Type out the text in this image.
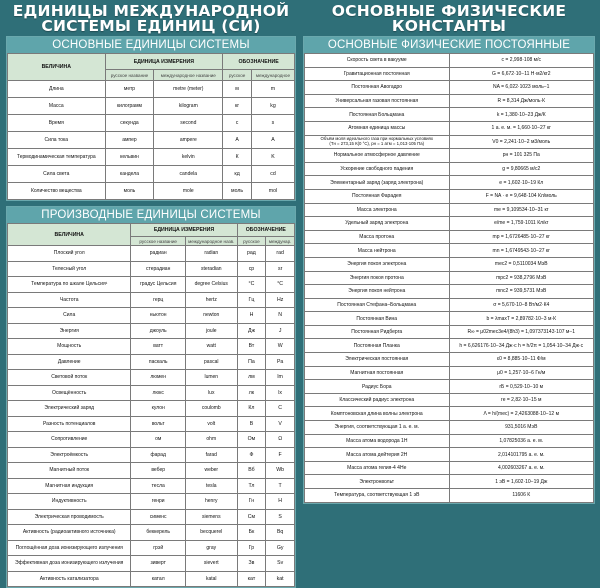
ЕДИНИЦЫ МЕЖДУНАРОДНОЙ
СИСТЕМЫ ЕДИНИЦ (СИ)
ОСНОВНЫЕ ЕДИНИЦЫ СИСТЕМЫ
ВЕЛИЧИНА	ЕДИНИЦА ИЗМЕРЕНИЯ		ОБОЗНАЧЕНИЕ	
	русское название	международное название	русское	международное
Длина	метр	metre (meter)	м	m
Масса	килограмм	kilogram	кг	kg
Время	секунда	second	с	s
Сила тока	ампер	ampere	А	A
Термодинамическая температура	кельвин	kelvin	К	K
Сила света	кандела	candela	кд	cd
Количество вещества	моль	mole	моль	mol
ПРОИЗВОДНЫЕ ЕДИНИЦЫ СИСТЕМЫ
ВЕЛИЧИНА	ЕДИНИЦА ИЗМЕРЕНИЯ		ОБОЗНАЧЕНИЕ	
	русское название	международное назв.	русское	междунар.
Плоский угол	радиан	radian	рад	rad
Телесный угол	стерадиан	steradian	ср	sr
Температура по шкале Цельсия¹	градус Цельсия	degree Celsius	°C	°C
Частота	герц	hertz	Гц	Hz
Сила	ньютон	newton	Н	N
Энергия	джоуль	joule	Дж	J
Мощность	ватт	watt	Вт	W
Давление	паскаль	pascal	Па	Pa
Световой поток	люмен	lumen	лм	lm
Освещённость	люкс	lux	лк	lx
Электрический заряд	кулон	coulomb	Кл	C
Разность потенциалов	вольт	volt	В	V
Сопротивление	ом	ohm	Ом	Ω
Электроёмкость	фарад	farad	Ф	F
Магнитный поток	вебер	weber	Вб	Wb
Магнитная индукция	тесла	tesla	Тл	T
Индуктивность	генри	henry	Гн	H
Электрическая проводимость	сименс	siemens	См	S
Активность (радиоактивного источника)	беккерель	becquerel	Бк	Bq
Поглощённая доза ионизирующего излучения	грэй	gray	Гр	Gy
Эффективная доза ионизирующего излучения	зиверт	sievert	Зв	Sv
Активность катализатора	катал	katal	кат	kat
ОСНОВНЫЕ ФИЗИЧЕСКИЕ
КОНСТАНТЫ
ОСНОВНЫЕ ФИЗИЧЕСКИЕ ПОСТОЯННЫЕ
Скорость света в вакууме	c = 2,998·108 м/с
Гравитационная постоянная	G = 6,672·10−11 Н·м2/кг2
Постоянная Авогадро	NA = 6,022·1023 моль−1
Универсальная газовая постоянная	R = 8,314 Дж/моль·К
Постоянная Больцмана	k = 1,380·10−23 Дж/К
Атомная единица массы	1 а. е. м. = 1,660·10−27 кг

Объём моля идеального газа при нормальных условиях
(Тн = 273,15 К(0 °С), pн = 1 атм = 1,013·105 Па)	V0 = 2,241·10−2 м3/моль
Нормальное атмосферное давление	pн = 101 325 Па
Ускорение свободного падения	g = 9,80665 м/с2
Элементарный заряд (заряд электрона)	e = 1,602·10−19 Кл
Постоянная Фарадея	F = NA · e = 9,648·104 Кл/моль
Масса электрона	me = 9,109534·10−31 кг
Удельный заряд электрона	e/me = 1,759·1011 Кл/кг
Масса протона	mp = 1,6726485·10−27 кг
Масса нейтрона	mn = 1,6749543·10−27 кг
Энергия покоя электрона	mec2 = 0,5110034 МэВ
Энергия покоя протона	mpc2 = 938,2796 МэВ
Энергия покоя нейтрона	mnc2 = 939,5731 МэВ
Постоянная Стефана–Больцмана	σ = 5,670·10−8 Вт/м2·К4
Постоянная Вина	b = λmaxT = 2,89782·10−3 м·К
Постоянная Ридберга	R∞ = μ02mec3e4/(8h3) = 1,097373143·107 м−1
Постоянная Планка	h = 6,626176·10−34 Дж·с h = h/2π = 1,054·10−34 Дж·с
Электрическая постоянная	ε0 = 8,885·10−11 Ф/м
Магнитная постоянная	μ0 = 1,257·10−6 Гн/м
Радиус Бора	rБ = 0,529·10−10 м
Классический радиус электрона	re = 2,82·10−15 м
Комптоновская длина волны электрона	Λ = h/(mec) = 2,4263088·10−12 м
Энергия, соответствующая 1 а. е. м.	931,5016 МэВ
Масса атома водорода 1H	1,07825036 а. е. м.
Масса атома дейтерия 2H	2,014101795 а. е. м.
Масса атома гелия-4 4He	4,002603267 а. е. м.
Электронвольт	1 эВ = 1,602·10−19 Дж
Температура, соответствующая 1 эВ	11606 К
